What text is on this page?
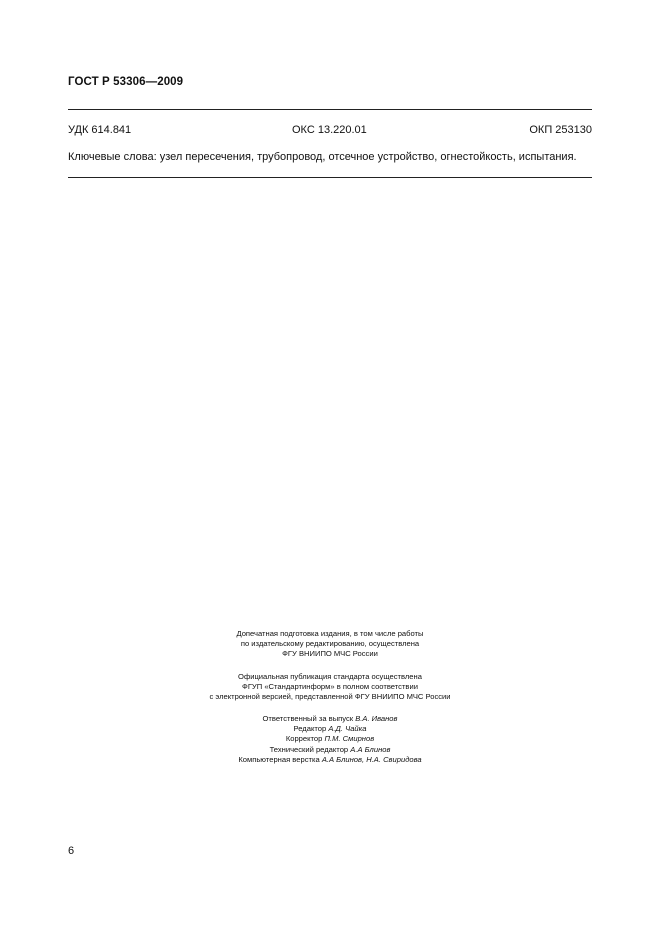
ГОСТ Р 53306—2009
УДК 614.841	ОКС 13.220.01	ОКП 253130
Ключевые слова: узел пересечения, трубопровод, отсечное устройство, огнестойкость, испытания.
Допечатная подготовка издания, в том числе работы
по издательскому редактированию, осуществлена
ФГУ ВНИИПО МЧС России
Официальная публикация стандарта осуществлена
ФГУП «Стандартинформ» в полном соответствии
с электронной версией, представленной ФГУ ВНИИПО МЧС России
Ответственный за выпуск В.А. Иванов
Редактор А.Д. Чайка
Корректор П.М. Смирнов
Технический редактор А.А Блинов
Компьютерная верстка А.А Блинов, Н.А. Свиридова
6
